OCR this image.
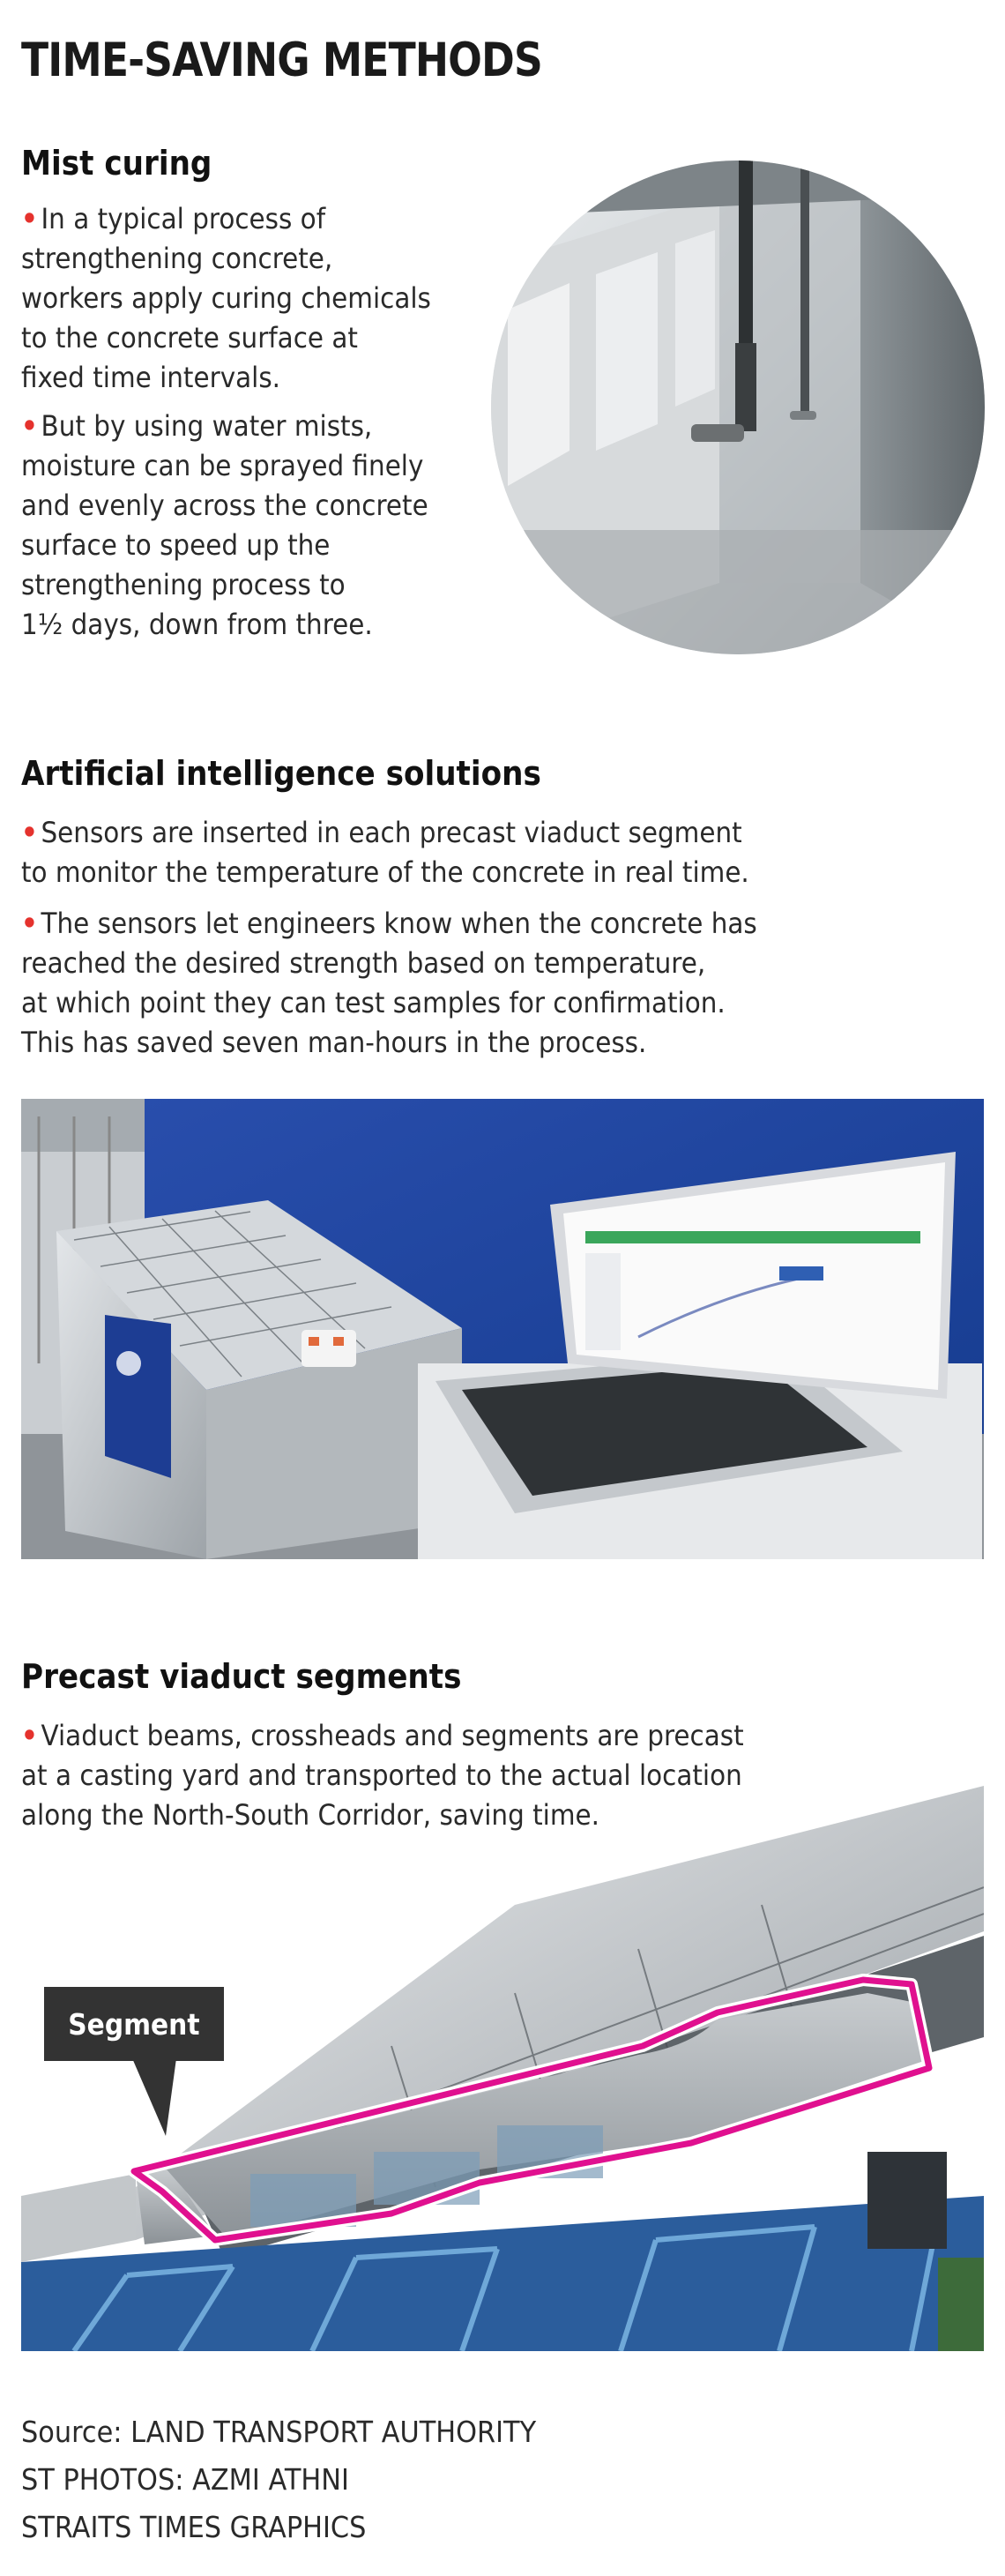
TIME-SAVING METHODS
Mist curing
• In a typical process of
strengthening concrete,
workers apply curing chemicals
to the concrete surface at
fixed time intervals.
• But by using water mists,
moisture can be sprayed finely
and evenly across the concrete
surface to speed up the
strengthening process to
1½ days, down from three.
Artificial intelligence solutions
• Sensors are inserted in each precast viaduct segment
to monitor the temperature of the concrete in real time.
• The sensors let engineers know when the concrete has
reached the desired strength based on temperature,
at which point they can test samples for confirmation.
This has saved seven man-hours in the process.
Precast viaduct segments
• Viaduct beams, crossheads and segments are precast
at a casting yard and transported to the actual location
along the North-South Corridor, saving time.
Segment
Source: LAND TRANSPORT AUTHORITY
ST PHOTOS: AZMI ATHNI
STRAITS TIMES GRAPHICS
